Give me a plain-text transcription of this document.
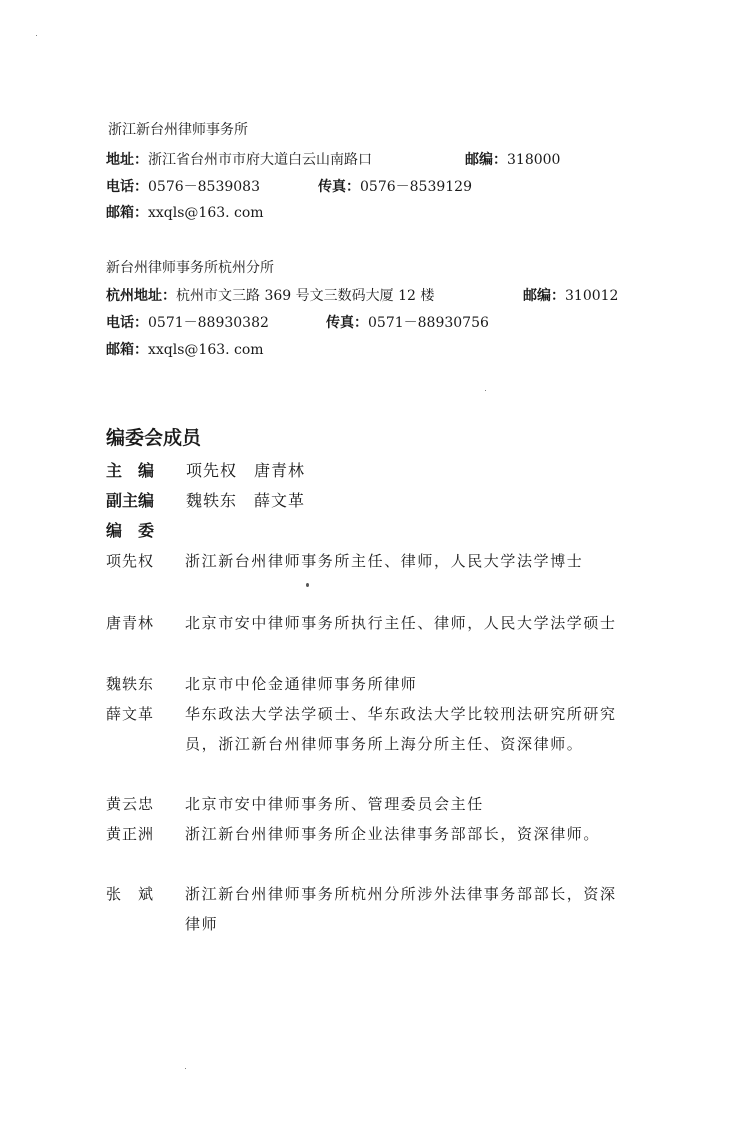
浙江新台州律师事务所
地址：浙江省台州市市府大道白云山南路口	邮编：318000
电话：0576－8539083	传真：0576－8539129
邮箱：xxqls@163. com
新台州律师事务所杭州分所
杭州地址：杭州市文三路 369 号文三数码大厦 12 楼	邮编：310012
电话：0571－88930382	传真：0571－88930756
邮箱：xxqls@163. com
编委会成员
主　编 项先权　唐青林
副主编 魏轶东　薛文革
编　委
项先权 浙江新台州律师事务所主任、律师，人民大学法学博士
唐青林 北京市安中律师事务所执行主任、律师，人民大学法学硕士
魏轶东 北京市中伦金通律师事务所律师
薛文革 华东政法大学法学硕士、华东政法大学比较刑法研究所研究员，浙江新台州律师事务所上海分所主任、资深律师。
黄云忠 北京市安中律师事务所、管理委员会主任
黄正洲 浙江新台州律师事务所企业法律事务部部长，资深律师。
张　斌 浙江新台州律师事务所杭州分所涉外法律事务部部长，资深律师
